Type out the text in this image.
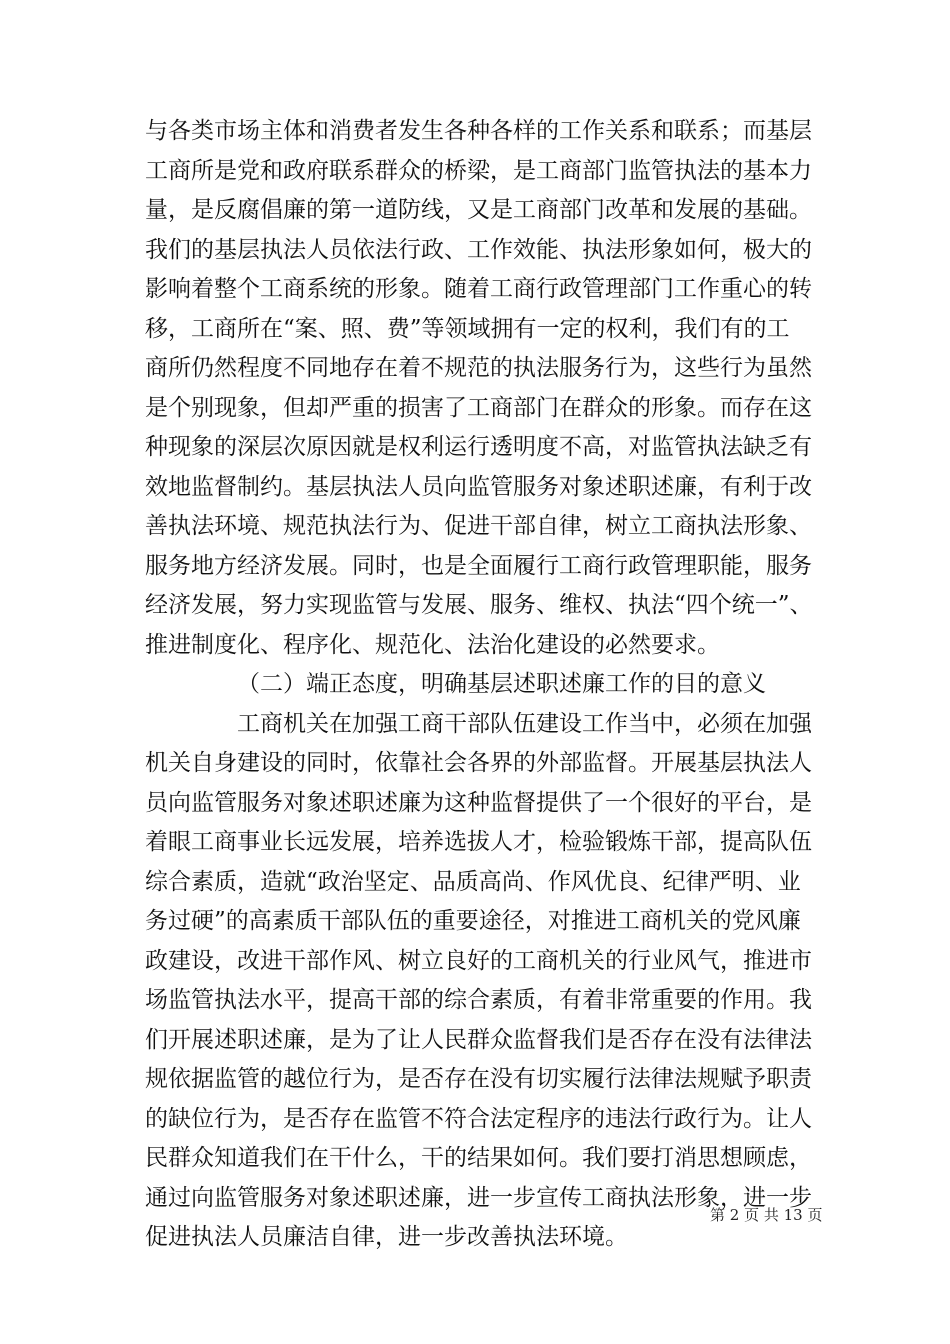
与各类市场主体和消费者发生各种各样的工作关系和联系；而基层
工商所是党和政府联系群众的桥梁，是工商部门监管执法的基本力
量，是反腐倡廉的第一道防线，又是工商部门改革和发展的基础。
我们的基层执法人员依法行政、工作效能、执法形象如何，极大的
影响着整个工商系统的形象。随着工商行政管理部门工作重心的转
移，工商所在“案、照、费”等领域拥有一定的权利，我们有的工
商所仍然程度不同地存在着不规范的执法服务行为，这些行为虽然
是个别现象，但却严重的损害了工商部门在群众的形象。而存在这
种现象的深层次原因就是权利运行透明度不高，对监管执法缺乏有
效地监督制约。基层执法人员向监管服务对象述职述廉，有利于改
善执法环境、规范执法行为、促进干部自律，树立工商执法形象、
服务地方经济发展。同时，也是全面履行工商行政管理职能，服务
经济发展，努力实现监管与发展、服务、维权、执法“四个统一”、
推进制度化、程序化、规范化、法治化建设的必然要求。
（二）端正态度，明确基层述职述廉工作的目的意义
工商机关在加强工商干部队伍建设工作当中，必须在加强
机关自身建设的同时，依靠社会各界的外部监督。开展基层执法人
员向监管服务对象述职述廉为这种监督提供了一个很好的平台，是
着眼工商事业长远发展，培养选拔人才，检验锻炼干部，提高队伍
综合素质，造就“政治坚定、品质高尚、作风优良、纪律严明、业
务过硬”的高素质干部队伍的重要途径，对推进工商机关的党风廉
政建设，改进干部作风、树立良好的工商机关的行业风气，推进市
场监管执法水平，提高干部的综合素质，有着非常重要的作用。我
们开展述职述廉，是为了让人民群众监督我们是否存在没有法律法
规依据监管的越位行为，是否存在没有切实履行法律法规赋予职责
的缺位行为，是否存在监管不符合法定程序的违法行政行为。让人
民群众知道我们在干什么，干的结果如何。我们要打消思想顾虑，
通过向监管服务对象述职述廉，进一步宣传工商执法形象，进一步
促进执法人员廉洁自律，进一步改善执法环境。
第 2 页 共 13 页
